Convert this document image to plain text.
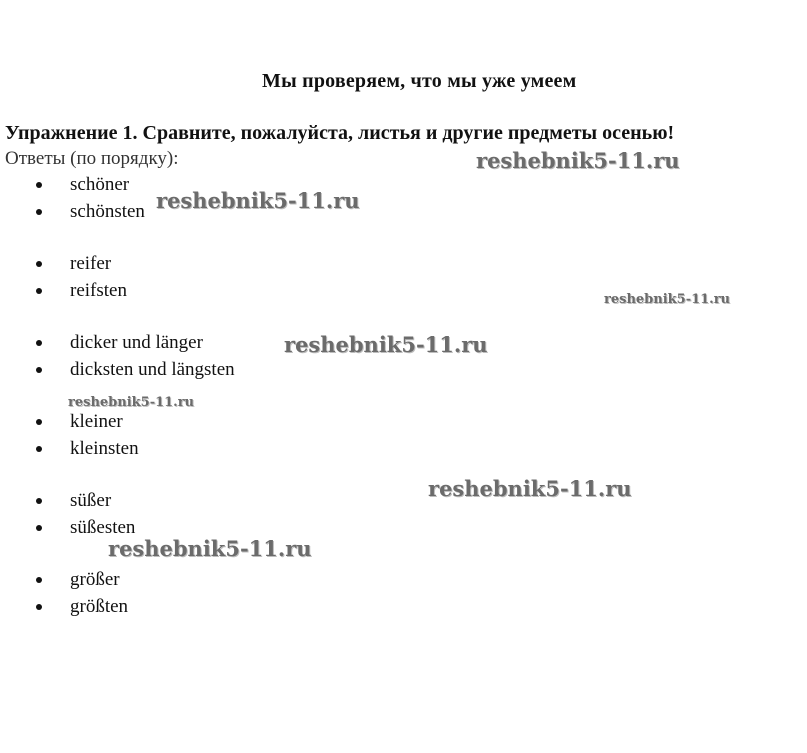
Мы проверяем, что мы уже умеем
Упражнение 1. Сравните, пожалуйста, листья и другие предметы осенью!
Ответы (по порядку):
schöner
schönsten
reifer
reifsten
dicker und länger
dicksten und längsten
kleiner
kleinsten
süßer
süßesten
größer
größten
reshebnik5-11.ru
reshebnik5-11.ru
reshebnik5-11.ru
reshebnik5-11.ru
reshebnik5-11.ru
reshebnik5-11.ru
reshebnik5-11.ru
